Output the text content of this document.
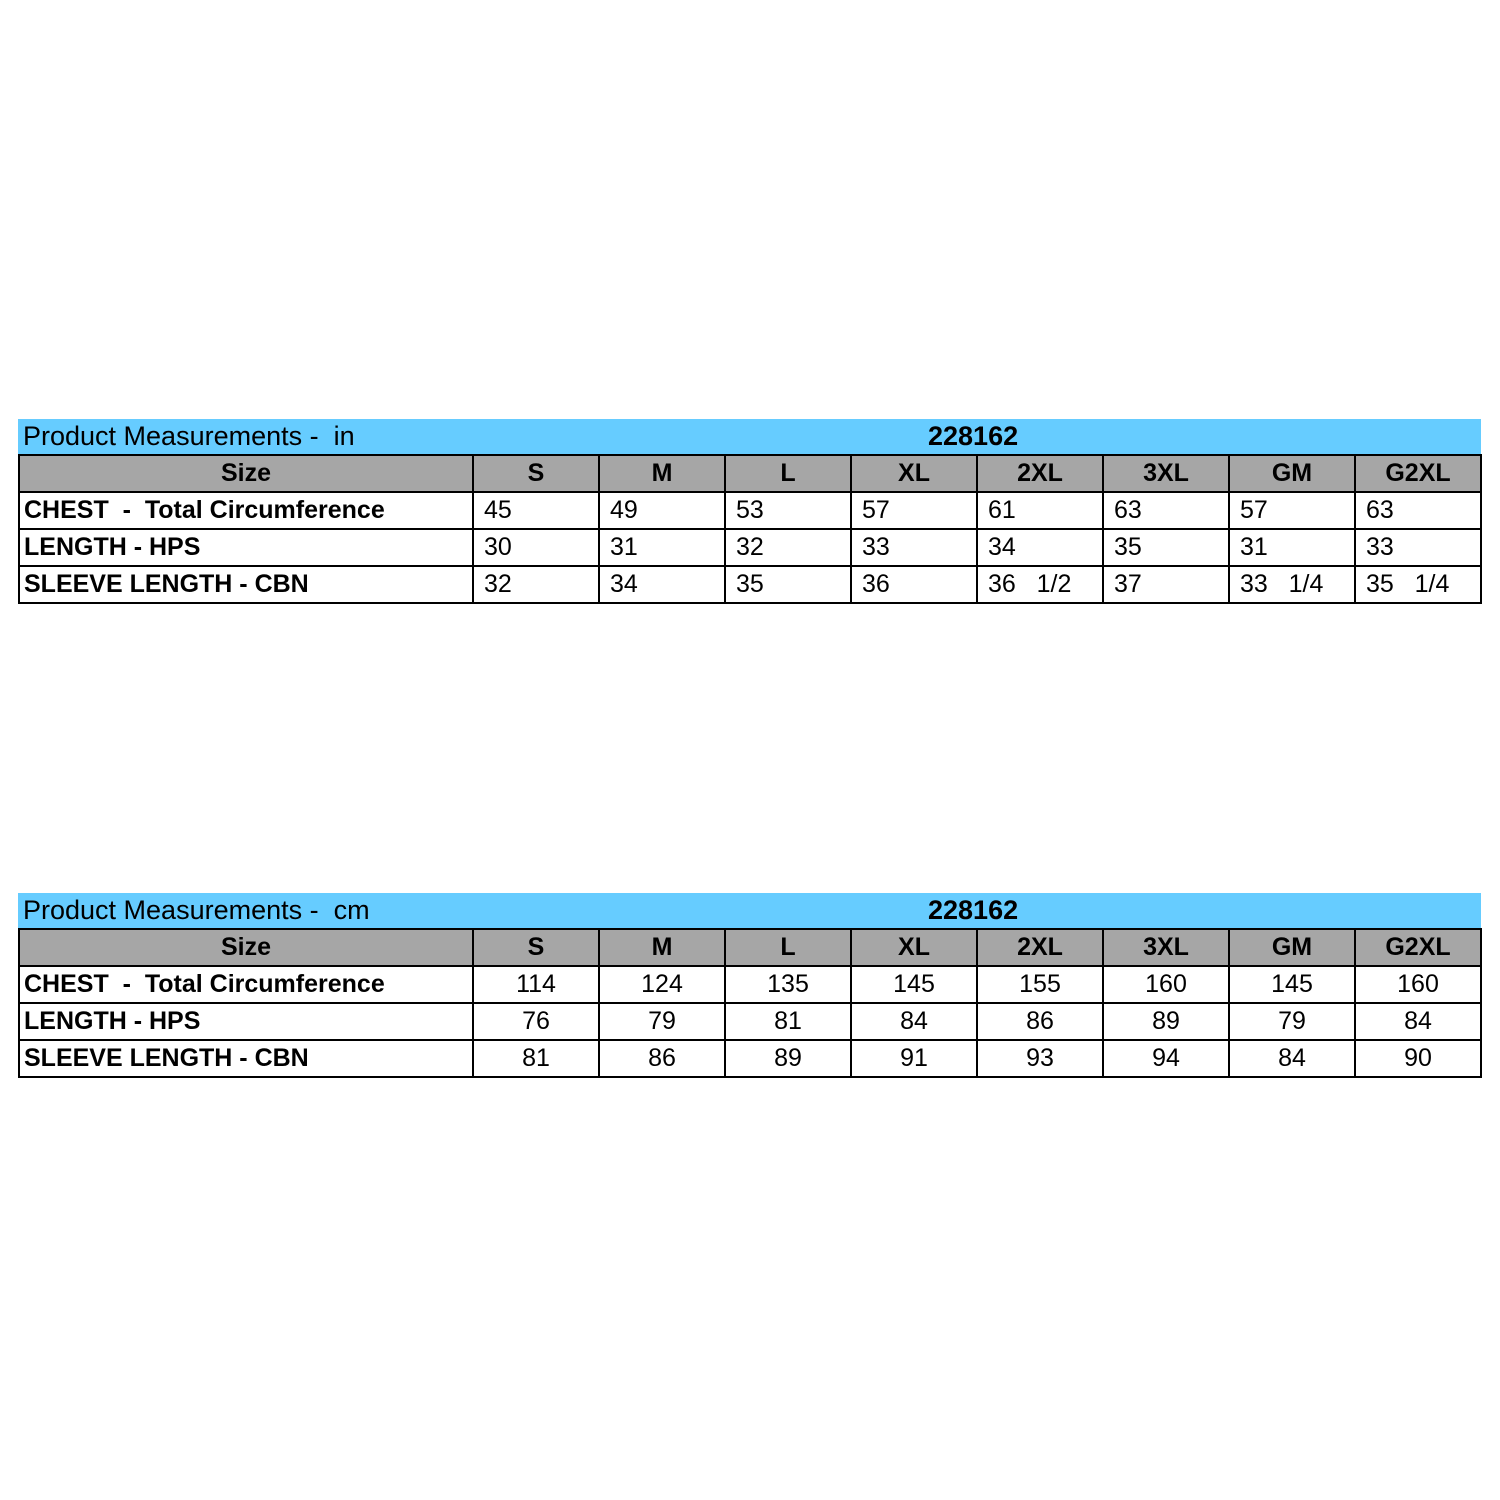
Product Measurements -  in	228162
Size	S	M	L	XL	2XL	3XL	GM	G2XL
CHEST  -  Total Circumference	45	49	53	57	61	63	57	63
LENGTH - HPS	30	31	32	33	34	35	31	33
SLEEVE LENGTH - CBN	32	34	35	36	36   1/2	37	33   1/4	35   1/4
Product Measurements -  cm	228162
Size	S	M	L	XL	2XL	3XL	GM	G2XL
CHEST  -  Total Circumference	114	124	135	145	155	160	145	160
LENGTH - HPS	76	79	81	84	86	89	79	84
SLEEVE LENGTH - CBN	81	86	89	91	93	94	84	90
